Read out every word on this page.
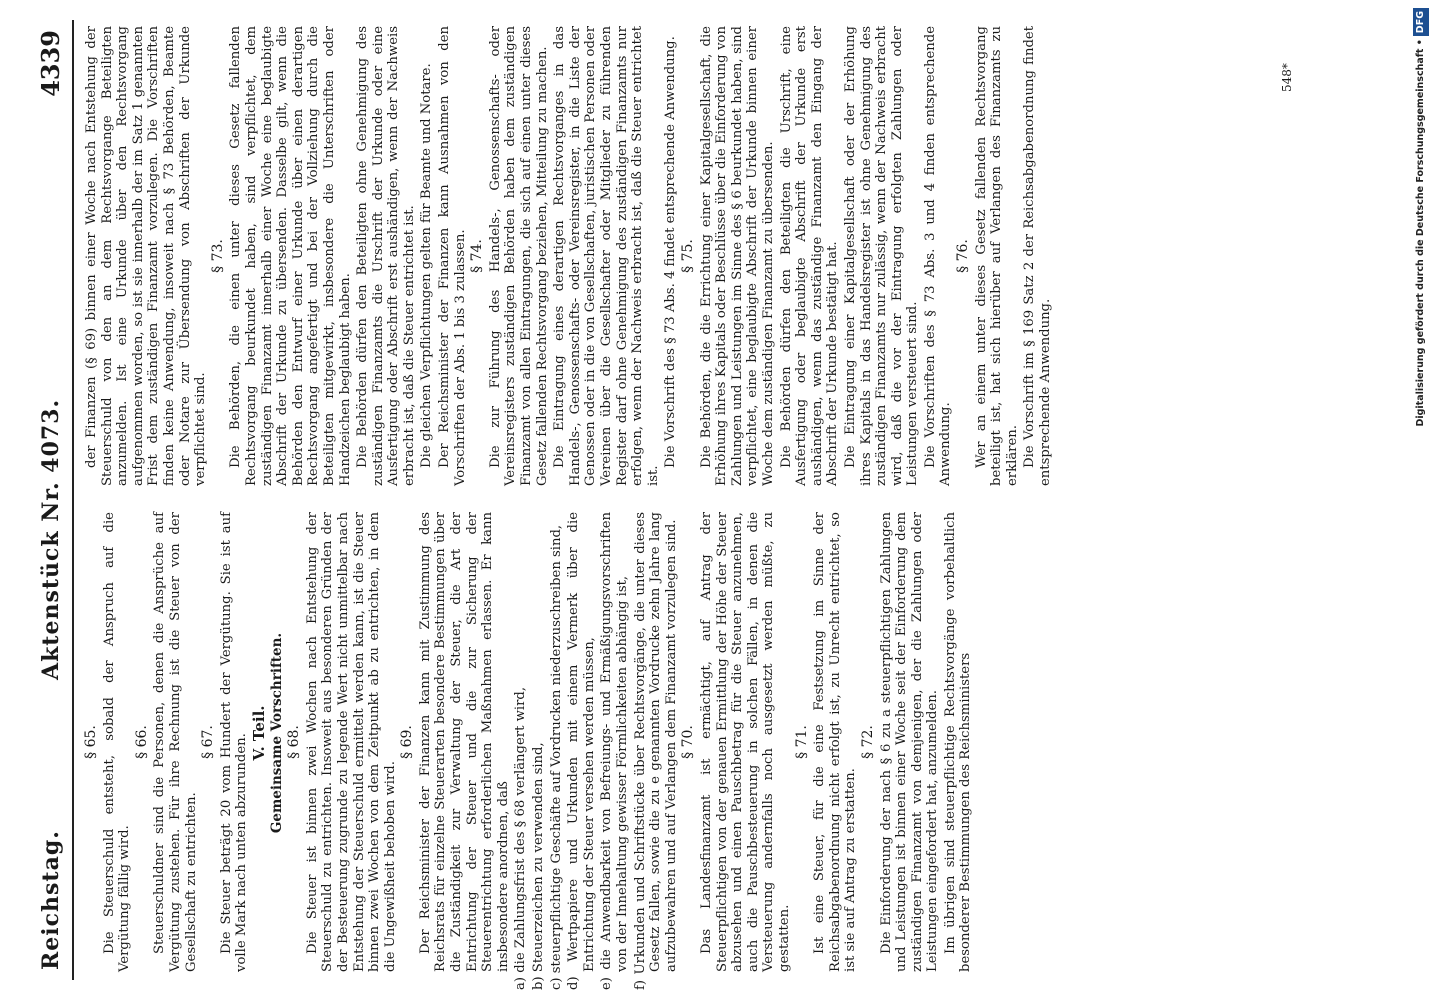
Reichstag.
Aktenstück Nr. 4073.
4339

§ 65. Die Steuerschuld entsteht, sobald der Anspruch auf die Vergütung fällig wird.

§ 66. Steuerschuldner sind die Personen, denen die Ansprüche auf Vergütung zustehen. Für ihre Rechnung ist die Steuer von der Gesellschaft zu entrichten.

§ 67. Die Steuer beträgt 20 vom Hundert der Vergütung. Sie ist auf volle Mark nach unten abzurunden.

V. Teil. Gemeinsame Vorschriften. § 68. Die Steuer ist binnen zwei Wochen nach Entstehung der Steuerschuld zu entrichten. Insoweit aus besonderen Gründen der der Besteuerung zugrunde zu legende Wert nicht unmittelbar nach Entstehung der Steuerschuld ermittelt werden kann, ist die Steuer binnen zwei Wochen von dem Zeitpunkt ab zu entrichten, in dem die Ungewißheit behoben wird.

§ 69. Der Reichsminister der Finanzen kann mit Zustimmung des Reichsrats für einzelne Steuerarten besondere Bestimmungen über die Zuständigkeit zur Verwaltung der Steuer, die Art der Entrichtung der Steuer und die zur Sicherung der Steuerentrichtung erforderlichen Maßnahmen erlassen. Er kann insbesondere anordnen, daß a) die Zahlungsfrist des § 68 verlängert wird, b) Steuerzeichen zu verwenden sind, c) steuerpflichtige Geschäfte auf Vordrucken niederzuschreiben sind, d) Wertpapiere und Urkunden mit einem Vermerk über die Entrichtung der Steuer versehen werden müssen, e) die Anwendbarkeit von Befreiungs- und Ermäßigungsvorschriften von der Innehaltung gewisser Förmlichkeiten abhängig ist, f) Urkunden und Schriftstücke über Rechtsvorgänge, die unter dieses Gesetz fallen, sowie die zu e genannten Vordrucke zehn Jahre lang aufzubewahren und auf Verlangen dem Finanzamt vorzulegen sind. § 70. Das Landesfinanzamt ist ermächtigt, auf Antrag der Steuerpflichtigen von der genauen Ermittlung der Höhe der Steuer abzusehen und einen Pauschbetrag für die Steuer anzunehmen, auch die Pauschbesteuerung in solchen Fällen, in denen die Versteuerung andernfalls noch ausgesetzt werden müßte, zu gestatten.

§ 71. Ist eine Steuer, für die eine Festsetzung im Sinne der Reichsabgabenordnung nicht erfolgt ist, zu Unrecht entrichtet, so ist sie auf Antrag zu erstatten.

§ 72. Die Einforderung der nach § 6 zu a steuerpflichtigen Zahlungen und Leistungen ist binnen einer Woche seit der Einforderung dem zuständigen Finanzamt von demjenigen, der die Zahlungen oder Leistungen eingefordert hat, anzumelden. Im übrigen sind steuerpflichtige Rechtsvorgänge vorbehaltlich besonderer Bestimmungen des Reichsministers

der Finanzen (§ 69) binnen einer Woche nach Entstehung der Steuerschuld von den an dem Rechtsvorgange Beteiligten anzumelden. Ist eine Urkunde über den Rechtsvorgang aufgenommen worden, so ist sie innerhalb der im Satz 1 genannten Frist dem zuständigen Finanzamt vorzulegen. Die Vorschriften finden keine Anwendung, insoweit nach § 73 Behörden, Beamte oder Notare zur Übersendung von Abschriften der Urkunde verpflichtet sind.

§ 73. Die Behörden, die einen unter dieses Gesetz fallenden Rechtsvorgang beurkundet haben, sind verpflichtet, dem zuständigen Finanzamt innerhalb einer Woche eine beglaubigte Abschrift der Urkunde zu übersenden. Dasselbe gilt, wenn die Behörden den Entwurf einer Urkunde über einen derartigen Rechtsvorgang angefertigt und bei der Vollziehung durch die Beteiligten mitgewirkt, insbesondere die Unterschriften oder Handzeichen beglaubigt haben. Die Behörden dürfen den Beteiligten ohne Genehmigung des zuständigen Finanzamts die Urschrift der Urkunde oder eine Ausfertigung oder Abschrift erst aushändigen, wenn der Nachweis erbracht ist, daß die Steuer entrichtet ist. Die gleichen Verpflichtungen gelten für Beamte und Notare. Der Reichsminister der Finanzen kann Ausnahmen von den Vorschriften der Abs. 1 bis 3 zulassen. § 74. Die zur Führung des Handels-, Genossenschafts- oder Vereinsregisters zuständigen Behörden haben dem zuständigen Finanzamt von allen Eintragungen, die sich auf einen unter dieses Gesetz fallenden Rechtsvorgang beziehen, Mitteilung zu machen. Die Eintragung eines derartigen Rechtsvorganges in das Handels-, Genossenschafts- oder Vereinsregister, in die Liste der Genossen oder in die von Gesellschaften, juristischen Personen oder Vereinen über die Gesellschafter oder Mitglieder zu führenden Register darf ohne Genehmigung des zuständigen Finanzamts nur erfolgen, wenn der Nachweis erbracht ist, daß die Steuer entrichtet ist.

Die Vorschrift des § 73 Abs. 4 findet entsprechende Anwendung. § 75. Die Behörden, die die Errichtung einer Kapitalgesellschaft, die Erhöhung ihres Kapitals oder Beschlüsse über die Einforderung von Zahlungen und Leistungen im Sinne des § 6 beurkundet haben, sind verpflichtet, eine beglaubigte Abschrift der Urkunde binnen einer Woche dem zuständigen Finanzamt zu übersenden. Die Behörden dürfen den Beteiligten die Urschrift, eine Ausfertigung oder beglaubigte Abschrift der Urkunde erst aushändigen, wenn das zuständige Finanzamt den Eingang der Abschrift der Urkunde bestätigt hat. Die Eintragung einer Kapitalgesellschaft oder der Erhöhung ihres Kapitals in das Handelsregister ist ohne Genehmigung des zuständigen Finanzamts nur zulässig, wenn der Nachweis erbracht wird, daß die vor der Eintragung erfolgten Zahlungen oder Leistungen versteuert sind. Die Vorschriften des § 73 Abs. 3 und 4 finden entsprechende Anwendung.

§ 76. Wer an einem unter dieses Gesetz fallenden Rechtsvorgang beteiligt ist, hat sich hierüber auf Verlangen des Finanzamts zu erklären. Die Vorschrift im § 169 Satz 2 der Reichsabgabenordnung findet entsprechende Anwendung.

548*	Digitalisierung gefördert durch die Deutsche Forschungsgemeinschaft •DFG
